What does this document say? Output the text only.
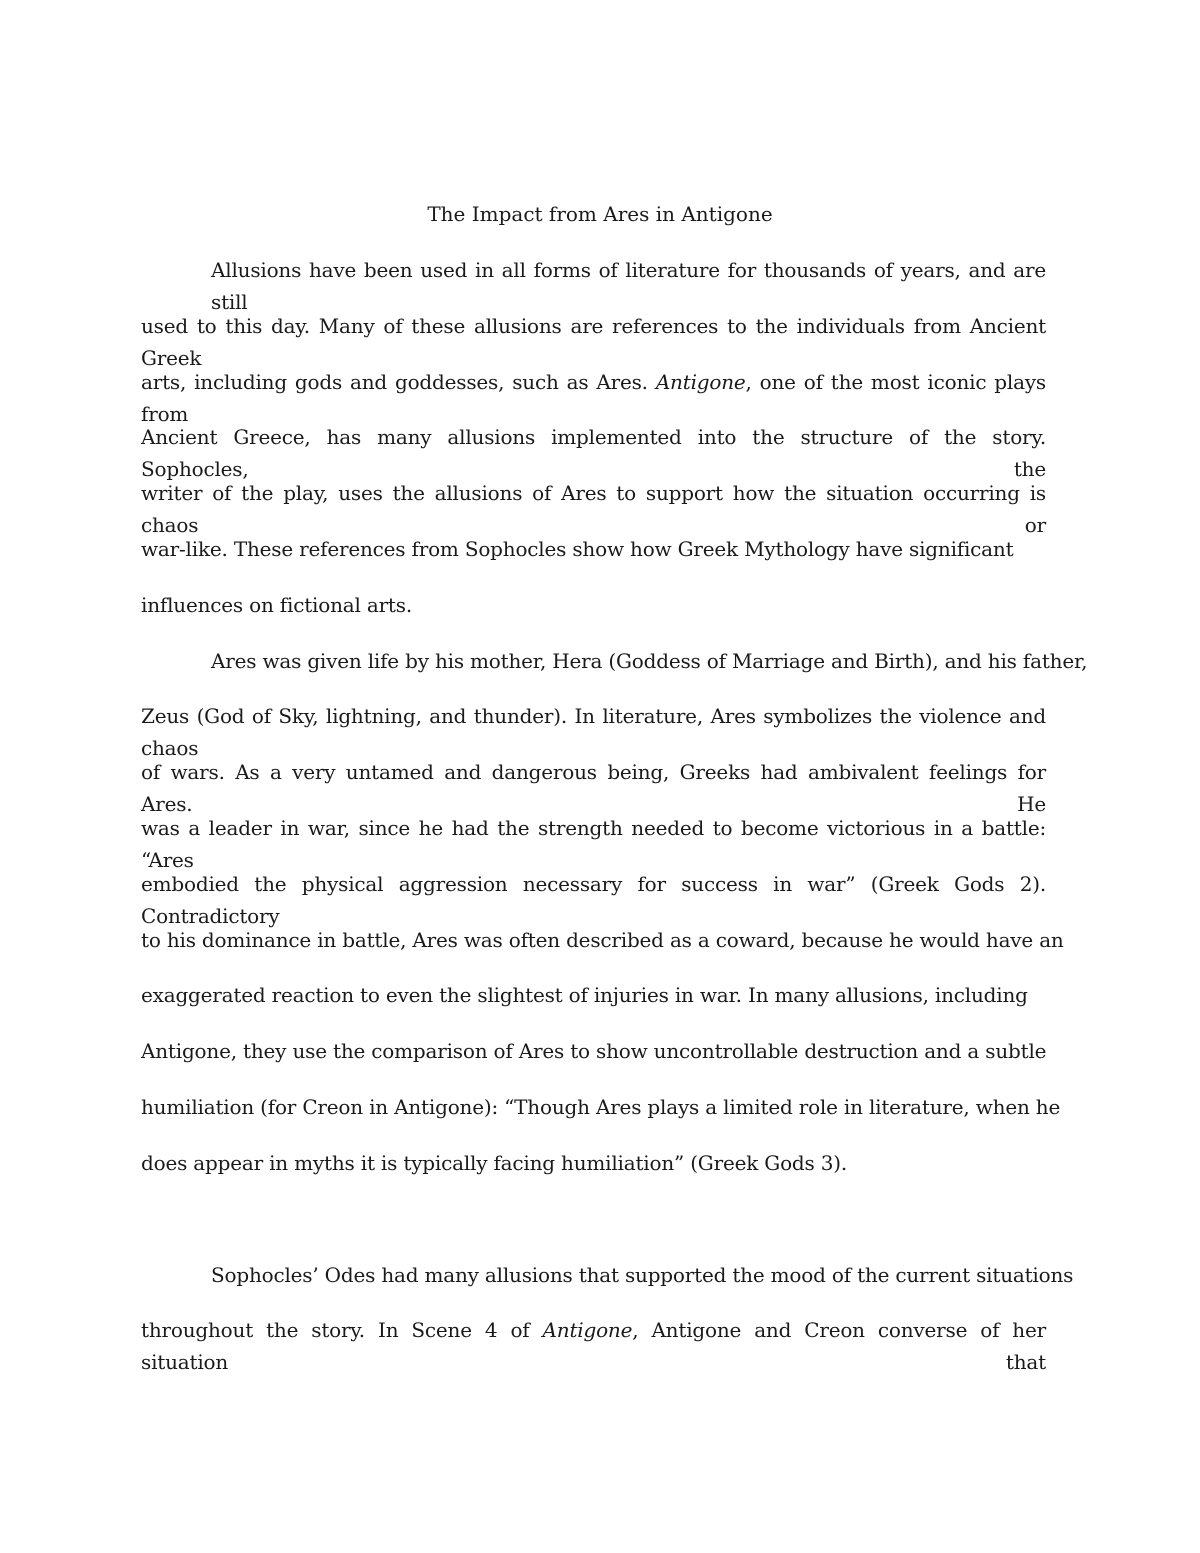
The Impact from Ares in Antigone
Allusions have been used in all forms of literature for thousands of years, and are still
used to this day. Many of these allusions are references to the individuals from Ancient Greek
arts, including gods and goddesses, such as Ares. Antigone, one of the most iconic plays from
Ancient Greece, has many allusions implemented into the structure of the story. Sophocles, the
writer of the play, uses the allusions of Ares to support how the situation occurring is chaos or
war-like. These references from Sophocles show how Greek Mythology have significant
influences on fictional arts.
Ares was given life by his mother, Hera (Goddess of Marriage and Birth), and his father,
Zeus (God of Sky, lightning, and thunder). In literature, Ares symbolizes the violence and chaos
of wars. As a very untamed and dangerous being, Greeks had ambivalent feelings for Ares. He
was a leader in war, since he had the strength needed to become victorious in a battle: “Ares
embodied the physical aggression necessary for success in war” (Greek Gods 2). Contradictory
to his dominance in battle, Ares was often described as a coward, because he would have an
exaggerated reaction to even the slightest of injuries in war. In many allusions, including
Antigone, they use the comparison of Ares to show uncontrollable destruction and a subtle
humiliation (for Creon in Antigone): “Though Ares plays a limited role in literature, when he
does appear in myths it is typically facing humiliation” (Greek Gods 3).
Sophocles’ Odes had many allusions that supported the mood of the current situations
throughout the story. In Scene 4 of Antigone, Antigone and Creon converse of her situation that
